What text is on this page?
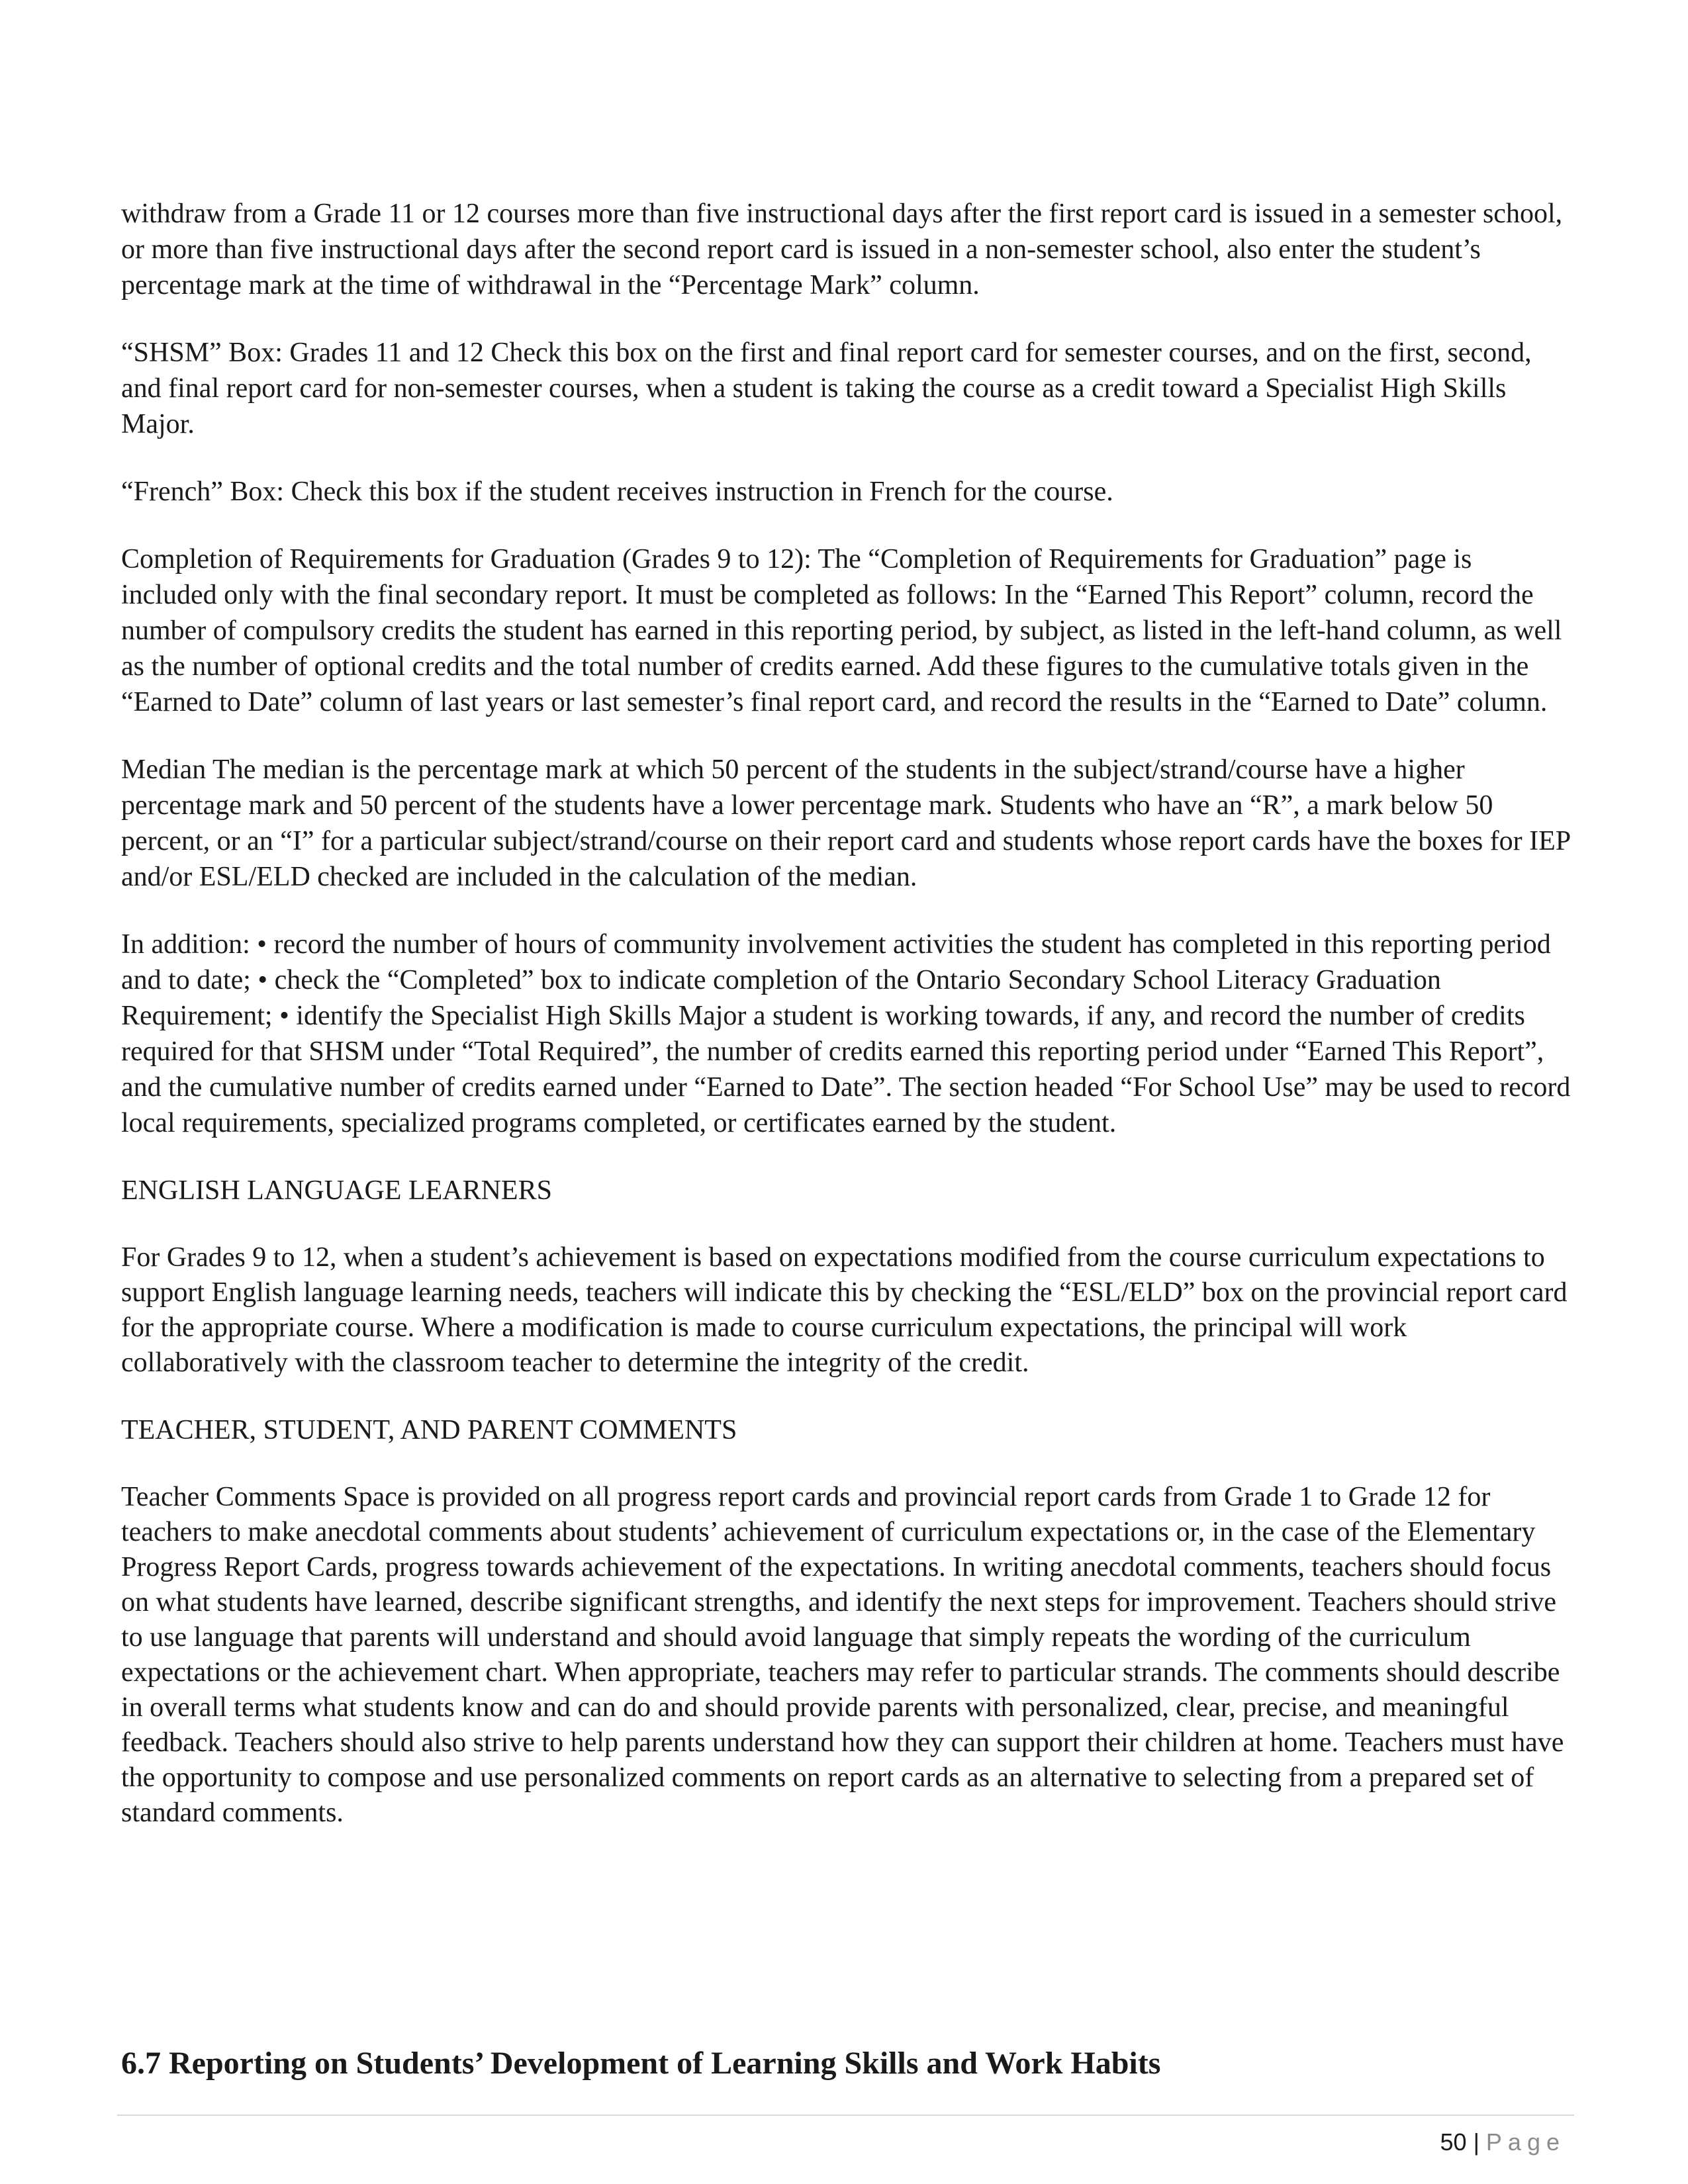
withdraw from a Grade 11 or 12 courses more than five instructional days after the first report card is issued in a semester school, or more than five instructional days after the second report card is issued in a non-semester school, also enter the student’s percentage mark at the time of withdrawal in the “Percentage Mark” column.

“SHSM” Box: Grades 11 and 12 Check this box on the first and final report card for semester courses, and on the first, second, and final report card for non-semester courses, when a student is taking the course as a credit toward a Specialist High Skills Major.

“French” Box: Check this box if the student receives instruction in French for the course.

Completion of Requirements for Graduation (Grades 9 to 12): The “Completion of Requirements for Graduation” page is included only with the final secondary report. It must be completed as follows: In the “Earned This Report” column, record the number of compulsory credits the student has earned in this reporting period, by subject, as listed in the left-hand column, as well as the number of optional credits and the total number of credits earned. Add these figures to the cumulative totals given in the “Earned to Date” column of last years or last semester’s final report card, and record the results in the “Earned to Date” column.

Median The median is the percentage mark at which 50 percent of the students in the subject/strand/course have a higher percentage mark and 50 percent of the students have a lower percentage mark. Students who have an “R”, a mark below 50 percent, or an “I” for a particular subject/strand/course on their report card and students whose report cards have the boxes for IEP and/or ESL/ELD checked are included in the calculation of the median.

In addition: • record the number of hours of community involvement activities the student has completed in this reporting period and to date; • check the “Completed” box to indicate completion of the Ontario Secondary School Literacy Graduation Requirement; • identify the Specialist High Skills Major a student is working towards, if any, and record the number of credits required for that SHSM under “Total Required”, the number of credits earned this reporting period under “Earned This Report”, and the cumulative number of credits earned under “Earned to Date”. The section headed “For School Use” may be used to record local requirements, specialized programs completed, or certificates earned by the student.

ENGLISH LANGUAGE LEARNERS

For Grades 9 to 12, when a student’s achievement is based on expectations modified from the course curriculum expectations to support English language learning needs, teachers will indicate this by checking the “ESL/ELD” box on the provincial report card for the appropriate course. Where a modification is made to course curriculum expectations, the principal will work collaboratively with the classroom teacher to determine the integrity of the credit.

TEACHER, STUDENT, AND PARENT COMMENTS

Teacher Comments Space is provided on all progress report cards and provincial report cards from Grade 1 to Grade 12 for teachers to make anecdotal comments about students’ achievement of curriculum expectations or, in the case of the Elementary Progress Report Cards, progress towards achievement of the expectations. In writing anecdotal comments, teachers should focus on what students have learned, describe significant strengths, and identify the next steps for improvement. Teachers should strive to use language that parents will understand and should avoid language that simply repeats the wording of the curriculum expectations or the achievement chart. When appropriate, teachers may refer to particular strands. The comments should describe in overall terms what students know and can do and should provide parents with personalized, clear, precise, and meaningful feedback. Teachers should also strive to help parents understand how they can support their children at home. Teachers must have the opportunity to compose and use personalized comments on report cards as an alternative to selecting from a prepared set of standard comments.

6.7 Reporting on Students’ Development of Learning Skills and Work Habits
50 | Page
